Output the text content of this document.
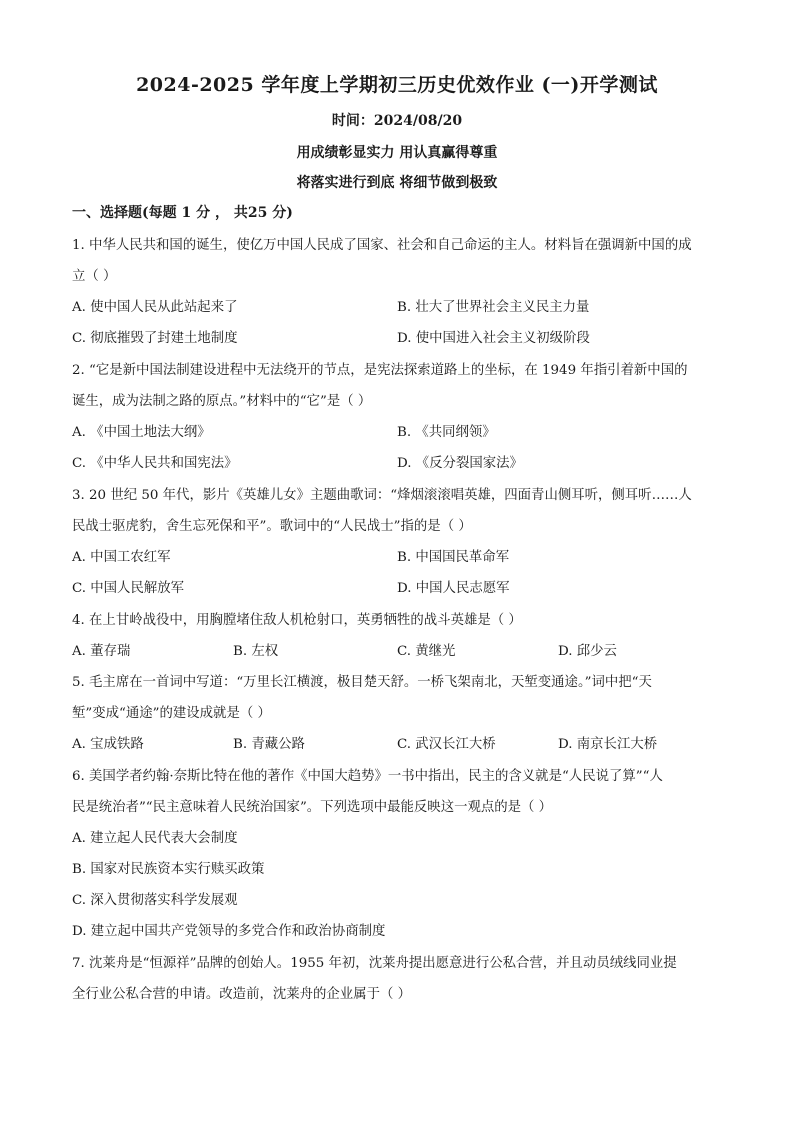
2024-2025 学年度上学期初三历史优效作业 (一)开学测试
时间：2024/08/20
用成绩彰显实力 用认真赢得尊重
将落实进行到底 将细节做到极致
一、选择题(每题 1 分 ， 共25 分)
1. 中华人民共和国的诞生，使亿万中国人民成了国家、社会和自己命运的主人。材料旨在强调新中国的成
立（ ）
A. 使中国人民从此站起来了	B. 壮大了世界社会主义民主力量
C. 彻底摧毁了封建土地制度	D. 使中国进入社会主义初级阶段
2. “它是新中国法制建设进程中无法绕开的节点，是宪法探索道路上的坐标，在 1949 年指引着新中国的
诞生，成为法制之路的原点。”材料中的“它”是（ ）
A. 《中国土地法大纲》	B. 《共同纲领》
C. 《中华人民共和国宪法》	D. 《反分裂国家法》
3. 20 世纪 50 年代，影片《英雄儿女》主题曲歌词：“烽烟滚滚唱英雄，四面青山侧耳听，侧耳听……人
民战士驱虎豹，舍生忘死保和平”。歌词中的“人民战士”指的是（ ）
A. 中国工农红军	B. 中国国民革命军
C. 中国人民解放军	D. 中国人民志愿军
4. 在上甘岭战役中，用胸膛堵住敌人机枪射口，英勇牺牲的战斗英雄是（ ）
A. 董存瑞	B. 左权	C. 黄继光	D. 邱少云
5. 毛主席在一首词中写道：“万里长江横渡，极目楚天舒。一桥飞架南北，天堑变通途。”词中把“天
堑”变成“通途”的建设成就是（ ）
A. 宝成铁路	B. 青藏公路	C. 武汉长江大桥	D. 南京长江大桥
6. 美国学者约翰·奈斯比特在他的著作《中国大趋势》一书中指出，民主的含义就是“人民说了算”“人
民是统治者”“民主意味着人民统治国家”。下列选项中最能反映这一观点的是（ ）
A. 建立起人民代表大会制度
B. 国家对民族资本实行赎买政策
C. 深入贯彻落实科学发展观
D. 建立起中国共产党领导的多党合作和政治协商制度
7. 沈莱舟是“恒源祥”品牌的创始人。1955 年初，沈莱舟提出愿意进行公私合营，并且动员绒线同业提
全行业公私合营的申请。改造前，沈莱舟的企业属于（ ）
